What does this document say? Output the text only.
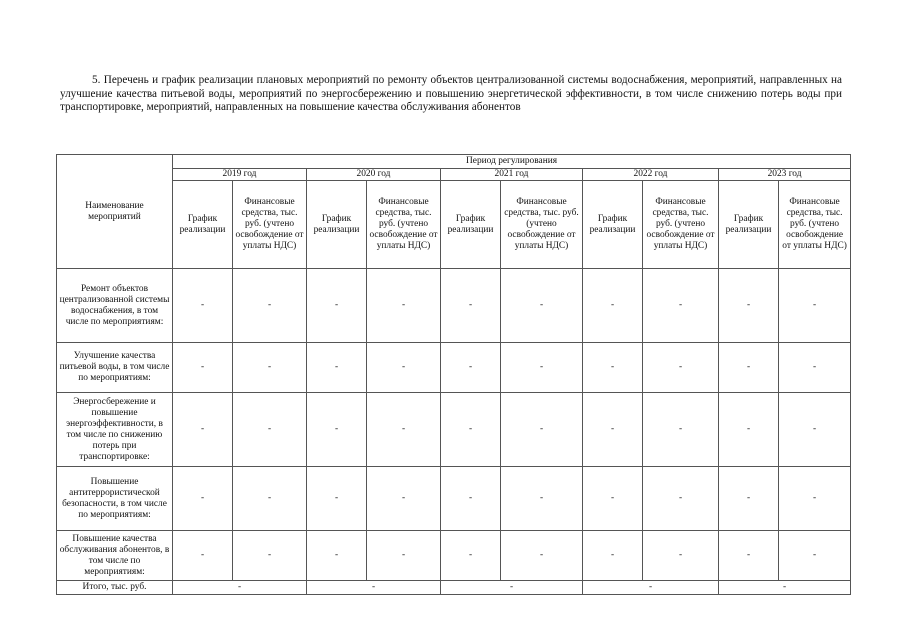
5. Перечень и график реализации плановых мероприятий по ремонту объектов централизованной системы водоснабжения, мероприятий, направленных на улучшение качества питьевой воды, мероприятий по энергосбережению и повышению энергетической эффективности, в том числе снижению потерь воды при транспортировке, мероприятий, направленных на повышение качества обслуживания абонентов
Наименование мероприятий	Период регулирования									
	2019 год		2020 год		2021 год		2022 год		2023 год	
	График реализации	Финансовые средства, тыс. руб. (учтено освобождение от уплаты НДС)	График реализации	Финансовые средства, тыс. руб. (учтено освобождение от уплаты НДС)	График реализации	Финансовые средства, тыс. руб. (учтено освобождение от уплаты НДС)	График реализации	Финансовые средства, тыс. руб. (учтено освобождение от уплаты НДС)	График реализации	Финансовые средства, тыс. руб. (учтено освобождение от уплаты НДС)
Ремонт объектов централизованной системы водоснабжения, в том числе по мероприятиям:	-	-	-	-	-	-	-	-	-	-
Улучшение качества питьевой воды, в том числе по мероприятиям:	-	-	-	-	-	-	-	-	-	-
Энергосбережение и повышение энергоэффективности, в том числе по снижению потерь при транспортировке:	-	-	-	-	-	-	-	-	-	-
Повышение антитеррористической безопасности, в том числе по мероприятиям:	-	-	-	-	-	-	-	-	-	-
Повышение качества обслуживания абонентов, в том числе по мероприятиям:	-	-	-	-	-	-	-	-	-	-
Итого, тыс. руб.	-		-		-		-		-	
